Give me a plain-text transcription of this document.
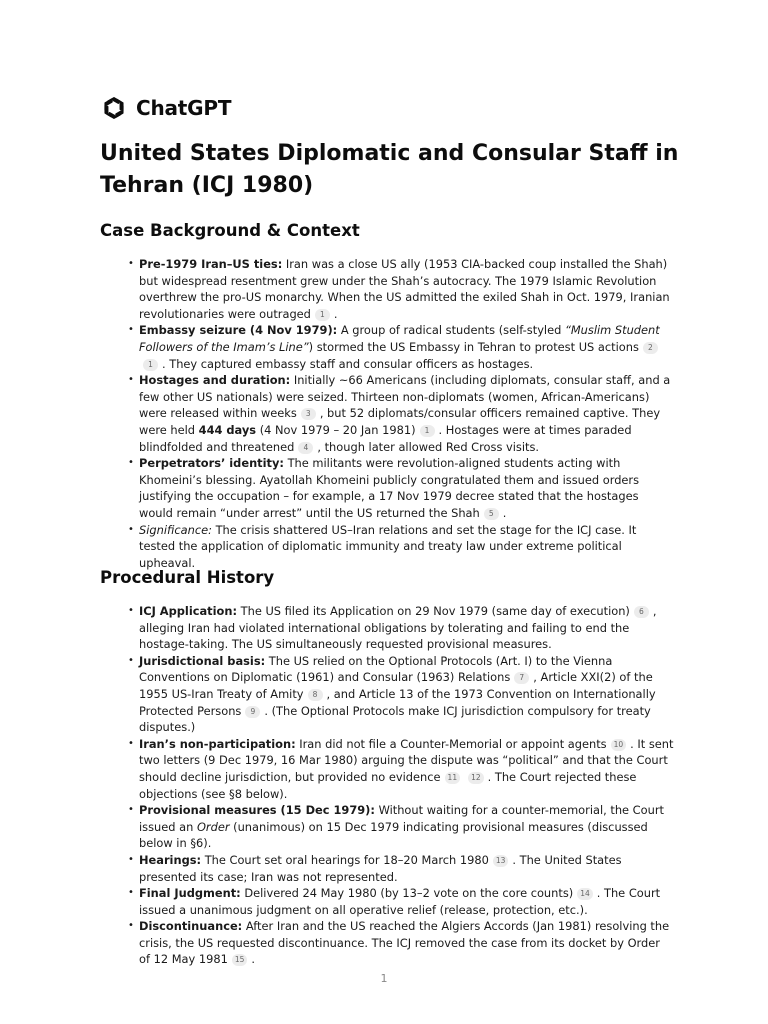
ChatGPT
United States Diplomatic and Consular Staff in Tehran (ICJ 1980)
Case Background & Context
• Pre-1979 Iran–US ties: Iran was a close US ally (1953 CIA-backed coup installed the Shah) but widespread resentment grew under the Shah’s autocracy. The 1979 Islamic Revolution overthrew the pro-US monarchy. When the US admitted the exiled Shah in Oct. 1979, Iranian revolutionaries were outraged 1 .
• Embassy seizure (4 Nov 1979): A group of radical students (self-styled “Muslim Student Followers of the Imam’s Line”) stormed the US Embassy in Tehran to protest US actions 21 . They captured embassy staff and consular officers as hostages.
• Hostages and duration: Initially ~66 Americans (including diplomats, consular staff, and a few other US nationals) were seized. Thirteen non-diplomats (women, African-Americans) were released within weeks 3 , but 52 diplomats/consular officers remained captive. They were held 444 days (4 Nov 1979 – 20 Jan 1981) 1 . Hostages were at times paraded blindfolded and threatened 4 , though later allowed Red Cross visits.
• Perpetrators’ identity: The militants were revolution-aligned students acting with Khomeini’s blessing. Ayatollah Khomeini publicly congratulated them and issued orders justifying the occupation – for example, a 17 Nov 1979 decree stated that the hostages would remain “under arrest” until the US returned the Shah 5 .
• Significance: The crisis shattered US–Iran relations and set the stage for the ICJ case. It tested the application of diplomatic immunity and treaty law under extreme political upheaval.
Procedural History
• ICJ Application: The US filed its Application on 29 Nov 1979 (same day of execution) 6 , alleging Iran had violated international obligations by tolerating and failing to end the hostage-taking. The US simultaneously requested provisional measures.
• Jurisdictional basis: The US relied on the Optional Protocols (Art. I) to the Vienna Conventions on Diplomatic (1961) and Consular (1963) Relations 7 , Article XXI(2) of the 1955 US-Iran Treaty of Amity 8 , and Article 13 of the 1973 Convention on Internationally Protected Persons 9 . (The Optional Protocols make ICJ jurisdiction compulsory for treaty disputes.)
• Iran’s non-participation: Iran did not file a Counter-Memorial or appoint agents 10 . It sent two letters (9 Dec 1979, 16 Mar 1980) arguing the dispute was “political” and that the Court should decline jurisdiction, but provided no evidence 11 12 . The Court rejected these objections (see §8 below).
• Provisional measures (15 Dec 1979): Without waiting for a counter-memorial, the Court issued an Order (unanimous) on 15 Dec 1979 indicating provisional measures (discussed below in §6).
• Hearings: The Court set oral hearings for 18–20 March 1980 13 . The United States presented its case; Iran was not represented.
• Final Judgment: Delivered 24 May 1980 (by 13–2 vote on the core counts) 14 . The Court issued a unanimous judgment on all operative relief (release, protection, etc.).
• Discontinuance: After Iran and the US reached the Algiers Accords (Jan 1981) resolving the crisis, the US requested discontinuance. The ICJ removed the case from its docket by Order of 12 May 1981 15 .
1
